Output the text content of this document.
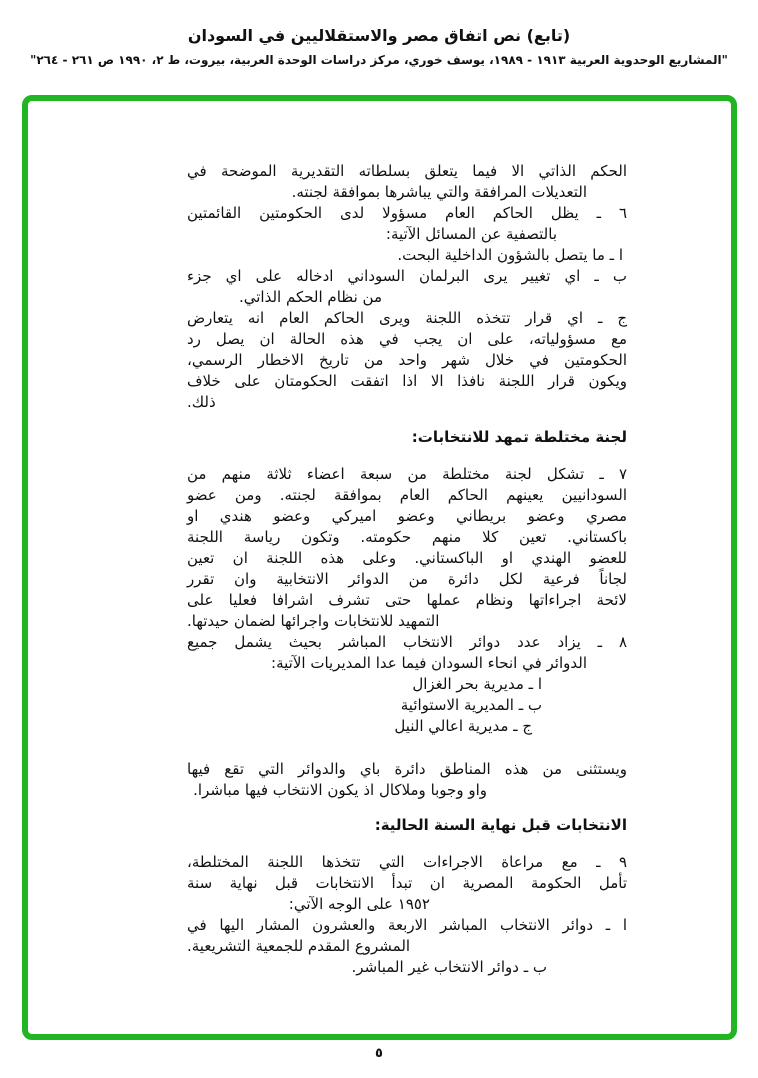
(تابع) نص اتفاق مصر والاستقلاليين في السودان
"المشاريع الوحدوية العربية ١٩١٣ - ١٩٨٩، يوسف خوري، مركز دراسات الوحدة العربية، بيروت، ط ٢، ١٩٩٠ ص ٢٦١ - ٢٦٤"
الحكم الذاتي الا فيما يتعلق بسلطاته التقديرية الموضحة في
التعديلات المرافقة والتي يباشرها بموافقة لجنته.
٦ ـ يظل الحاكم العام مسؤولا لدى الحكومتين القائمتين
بالتصفية عن المسائل الآتية:
ا ـ ما يتصل بالشؤون الداخلية البحت.
ب ـ اي تغيير يرى البرلمان السوداني ادخاله على اي جزء
من نظام الحكم الذاتي.
ج ـ اي قرار تتخذه اللجنة ويرى الحاكم العام انه يتعارض
مع مسؤولياته، على ان يجب في هذه الحالة ان يصل رد
الحكومتين في خلال شهر واحد من تاريخ الاخطار الرسمي،
ويكون قرار اللجنة نافذا الا اذا اتفقت الحكومتان على خلاف
ذلك.
لجنة مختلطة تمهد للانتخابات:
٧ ـ تشكل لجنة مختلطة من سبعة اعضاء ثلاثة منهم من
السودانيين يعينهم الحاكم العام بموافقة لجنته. ومن عضو
مصري وعضو بريطاني وعضو اميركي وعضو هندي او
باكستاني. تعين كلا منهم حكومته. وتكون رياسة اللجنة
للعضو الهندي او الباكستاني. وعلى هذه اللجنة ان تعين
لجاناً فرعية لكل دائرة من الدوائر الانتخابية وان تقرر
لائحة اجراءاتها ونظام عملها حتى تشرف اشرافا فعليا على
التمهيد للانتخابات واجرائها لضمان حيدتها.
٨ ـ يزاد عدد دوائر الانتخاب المباشر بحيث يشمل جميع
الدوائر في انحاء السودان فيما عدا المديريات الآتية:
ا ـ مديرية بحر الغزال
ب ـ المديرية الاستوائية
ج ـ مديرية اعالي النيل
ويستثنى من هذه المناطق دائرة باي والدوائر التي تقع فيها
واو وجوبا وملاكال اذ يكون الانتخاب فيها مباشرا.
الانتخابات قبل نهاية السنة الحالية:
٩ ـ مع مراعاة الاجراءات التي تتخذها اللجنة المختلطة،
تأمل الحكومة المصرية ان تبدأ الانتخابات قبل نهاية سنة
١٩٥٢ على الوجه الآتي:
ا ـ دوائر الانتخاب المباشر الاربعة والعشرون المشار اليها في
المشروع المقدم للجمعية التشريعية.
ب ـ دوائر الانتخاب غير المباشر.
٥
